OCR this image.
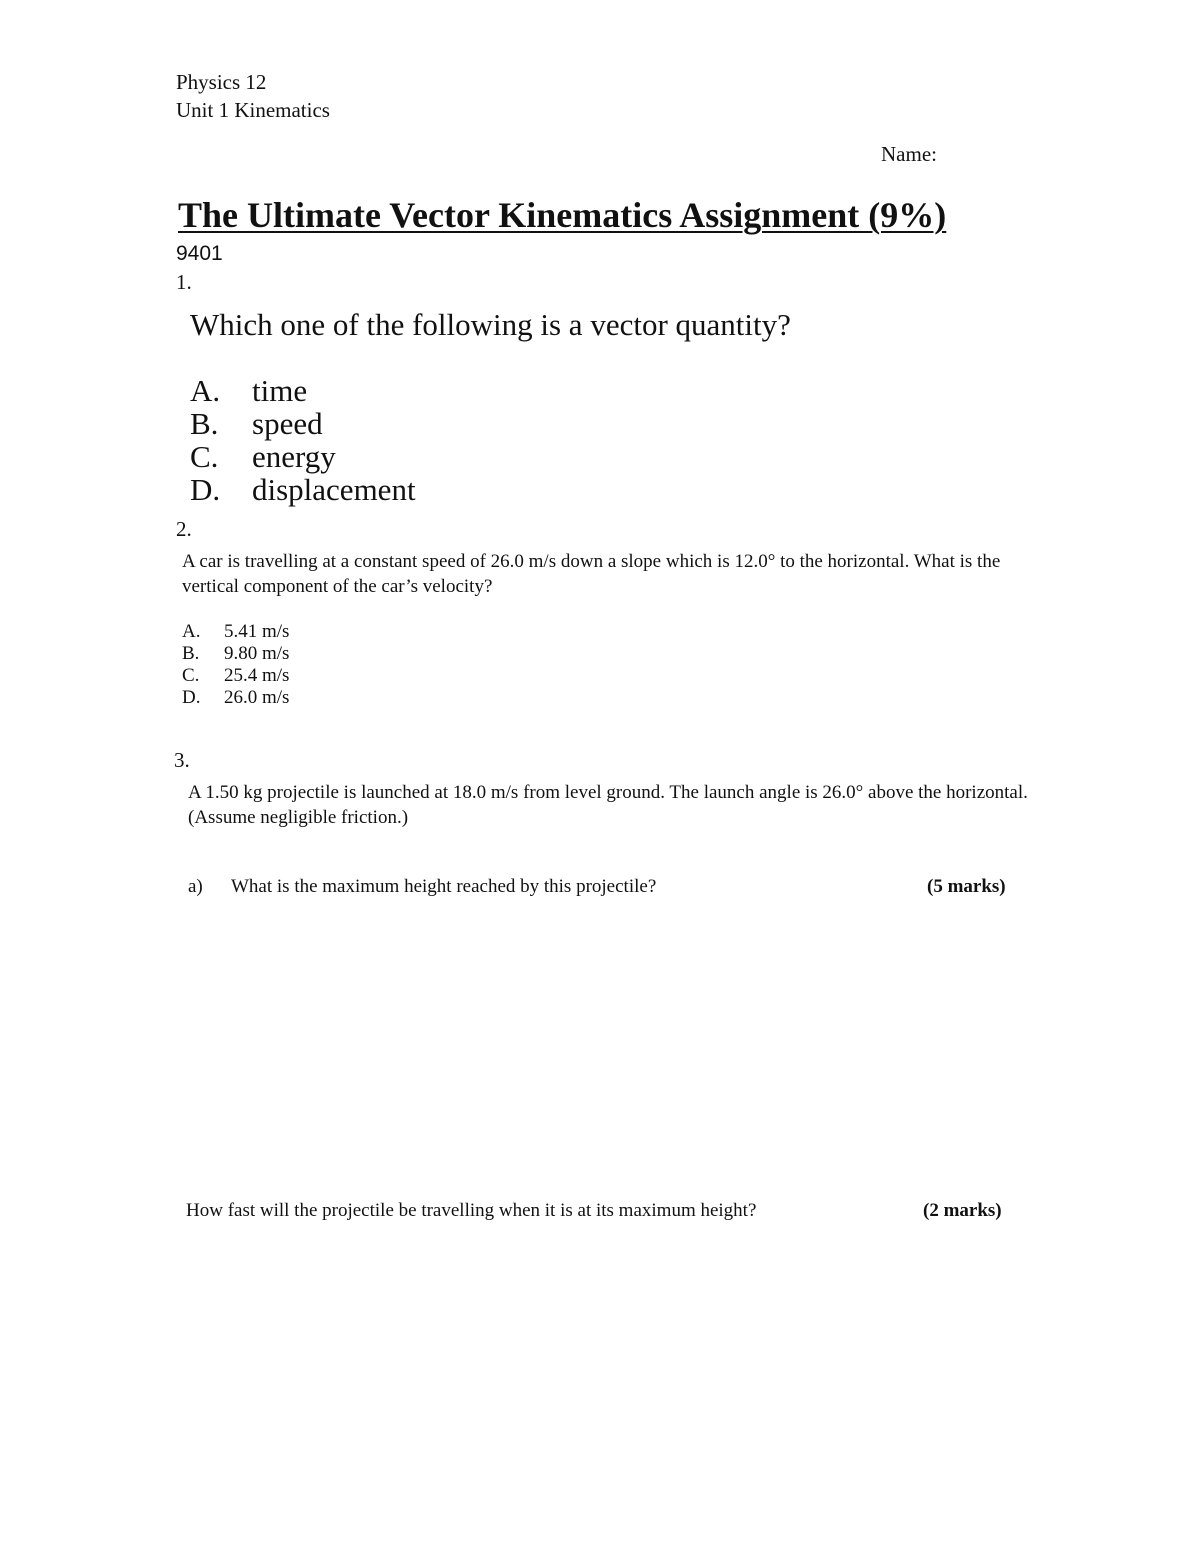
Physics 12
Unit 1 Kinematics
Name:
The Ultimate Vector Kinematics Assignment (9%)
9401
1.
Which one of the following is a vector quantity?
A. time
B. speed
C. energy
D. displacement
2.
A car is travelling at a constant speed of 26.0 m/s down a slope which is 12.0° to the horizontal. What is the vertical component of the car’s velocity?
A. 5.41 m/s
B. 9.80 m/s
C. 25.4 m/s
D. 26.0 m/s
3.
A 1.50 kg projectile is launched at 18.0 m/s from level ground. The launch angle is 26.0° above the horizontal. (Assume negligible friction.)
a) What is the maximum height reached by this projectile?	(5 marks)
How fast will the projectile be travelling when it is at its maximum height?	(2 marks)
